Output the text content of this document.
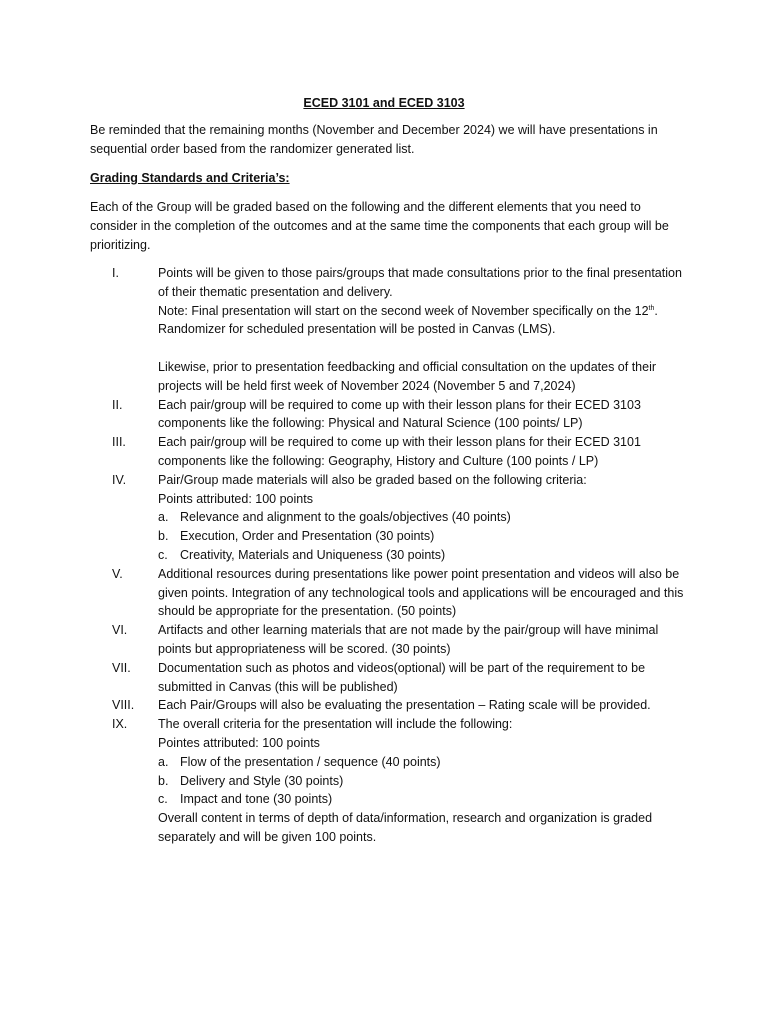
ECED 3101 and ECED 3103

Be reminded that the remaining months (November and December 2024) we will have presentations in sequential order based from the randomizer generated list.

Grading Standards and Criteria’s:

Each of the Group will be graded based on the following and the different elements that you need to consider in the completion of the outcomes and at the same time the components that each group will be prioritizing.

I.	Points will be given to those pairs/groups that made consultations prior to the final presentation of their thematic presentation and delivery.
Note: Final presentation will start on the second week of November specifically on the 12th.
Randomizer for scheduled presentation will be posted in Canvas (LMS).
Likewise, prior to presentation feedbacking and official consultation on the updates of their projects will be held first week of November 2024 (November 5 and 7,2024)
II.	Each pair/group will be required to come up with their lesson plans for their ECED 3103 components like the following: Physical and Natural Science (100 points/ LP)
III.	Each pair/group will be required to come up with their lesson plans for their ECED 3101 components like the following: Geography, History and Culture (100 points / LP)
IV.	Pair/Group made materials will also be graded based on the following criteria:
Points attributed: 100 points
a. Relevance and alignment to the goals/objectives (40 points)
b. Execution, Order and Presentation (30 points)
c. Creativity, Materials and Uniqueness (30 points)
V.	Additional resources during presentations like power point presentation and videos will also be given points. Integration of any technological tools and applications will be encouraged and this should be appropriate for the presentation. (50 points)
VI.	Artifacts and other learning materials that are not made by the pair/group will have minimal points but appropriateness will be scored. (30 points)
VII.	Documentation such as photos and videos(optional) will be part of the requirement to be submitted in Canvas (this will be published)
VIII.	Each Pair/Groups will also be evaluating the presentation – Rating scale will be provided.
IX.	The overall criteria for the presentation will include the following:
Pointes attributed: 100 points
a. Flow of the presentation / sequence (40 points)
b. Delivery and Style (30 points)
c. Impact and tone (30 points)
Overall content in terms of depth of data/information, research and organization is graded separately and will be given 100 points.
